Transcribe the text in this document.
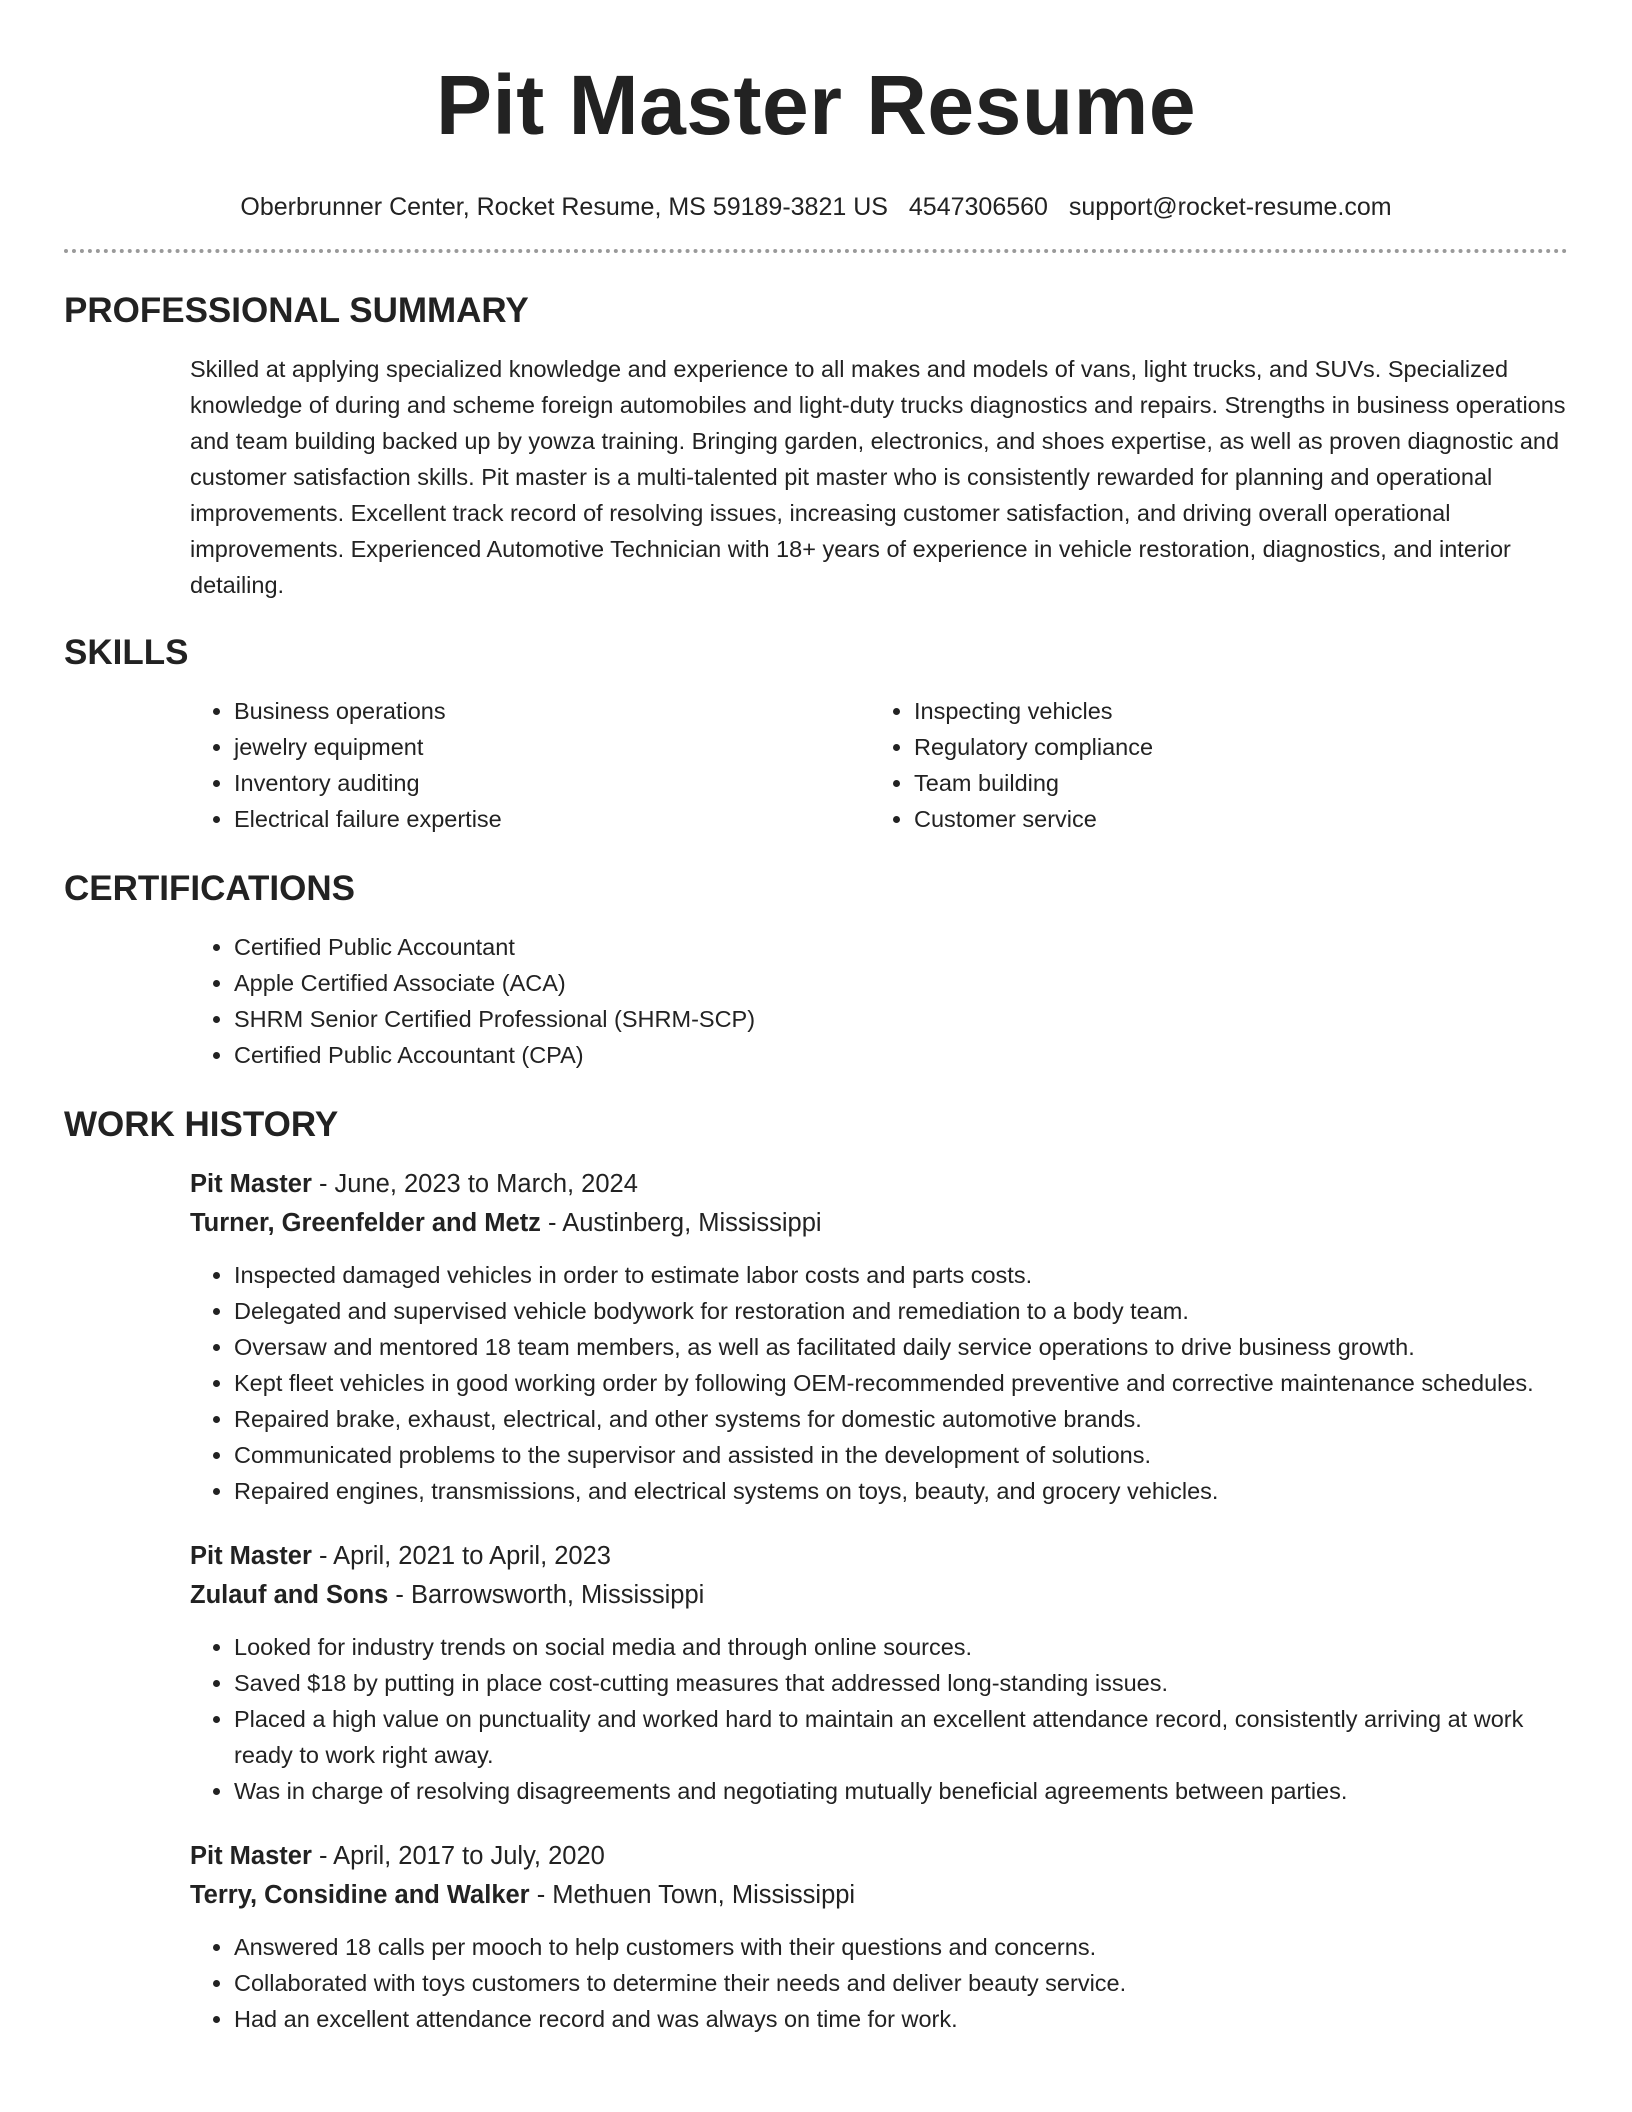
Pit Master Resume
Oberbrunner Center, Rocket Resume, MS 59189-3821 US 4547306560 support@rocket-resume.com
PROFESSIONAL SUMMARY

Skilled at applying specialized knowledge and experience to all makes and models of vans, light trucks, and SUVs. Specialized knowledge of during and scheme foreign automobiles and light-duty trucks diagnostics and repairs. Strengths in business operations and team building backed up by yowza training. Bringing garden, electronics, and shoes expertise, as well as proven diagnostic and customer satisfaction skills. Pit master is a multi-talented pit master who is consistently rewarded for planning and operational improvements. Excellent track record of resolving issues, increasing customer satisfaction, and driving overall operational improvements. Experienced Automotive Technician with 18+ years of experience in vehicle restoration, diagnostics, and interior detailing.

SKILLS
• Business operations
• jewelry equipment
• Inventory auditing
• Electrical failure expertise
• Inspecting vehicles
• Regulatory compliance
• Team building
• Customer service
CERTIFICATIONS
• Certified Public Accountant
• Apple Certified Associate (ACA)
• SHRM Senior Certified Professional (SHRM-SCP)
• Certified Public Accountant (CPA)
WORK HISTORY
Pit Master - June, 2023 to March, 2024
Turner, Greenfelder and Metz - Austinberg, Mississippi
• Inspected damaged vehicles in order to estimate labor costs and parts costs.
• Delegated and supervised vehicle bodywork for restoration and remediation to a body team.
• Oversaw and mentored 18 team members, as well as facilitated daily service operations to drive business growth.
• Kept fleet vehicles in good working order by following OEM-recommended preventive and corrective maintenance schedules.
• Repaired brake, exhaust, electrical, and other systems for domestic automotive brands.
• Communicated problems to the supervisor and assisted in the development of solutions.
• Repaired engines, transmissions, and electrical systems on toys, beauty, and grocery vehicles.
Pit Master - April, 2021 to April, 2023
Zulauf and Sons - Barrowsworth, Mississippi
• Looked for industry trends on social media and through online sources.
• Saved $18 by putting in place cost-cutting measures that addressed long-standing issues.
• Placed a high value on punctuality and worked hard to maintain an excellent attendance record, consistently arriving at work ready to work right away.
• Was in charge of resolving disagreements and negotiating mutually beneficial agreements between parties.
Pit Master - April, 2017 to July, 2020
Terry, Considine and Walker - Methuen Town, Mississippi
• Answered 18 calls per mooch to help customers with their questions and concerns.
• Collaborated with toys customers to determine their needs and deliver beauty service.
• Had an excellent attendance record and was always on time for work.
